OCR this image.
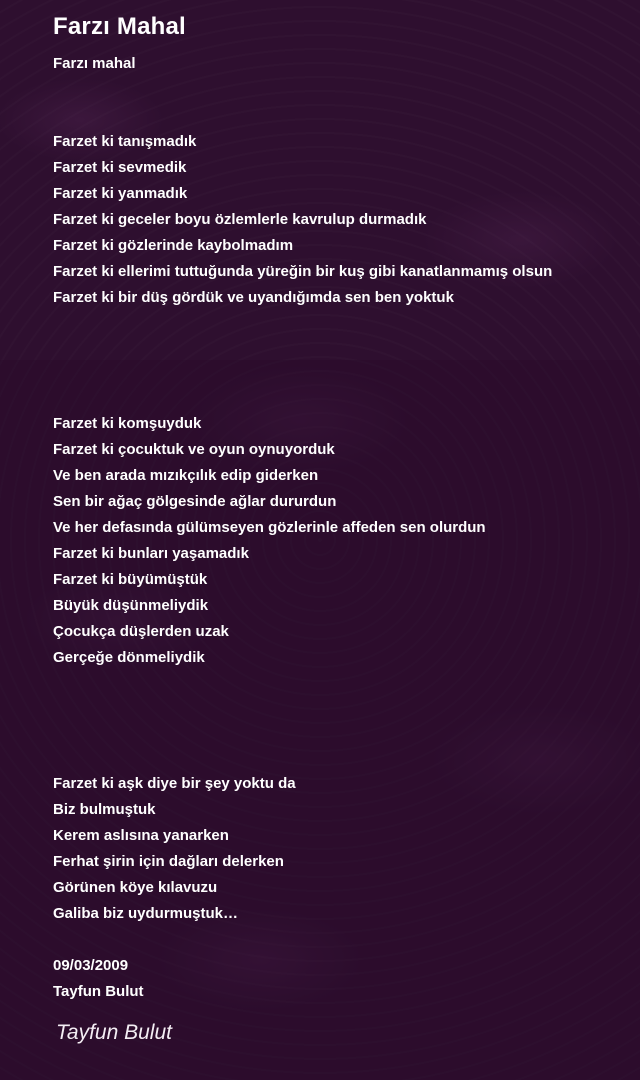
Farzı Mahal
Farzı mahal
Farzet ki tanışmadık
Farzet ki sevmedik
Farzet ki yanmadık
Farzet ki geceler boyu özlemlerle kavrulup durmadık
Farzet ki gözlerinde kaybolmadım
Farzet ki ellerimi tuttuğunda yüreğin bir kuş gibi kanatlanmamış olsun
Farzet ki bir düş gördük ve uyandığımda sen ben yoktuk
Farzet ki komşuyduk
Farzet ki çocuktuk ve oyun oynuyorduk
Ve ben arada mızıkçılık edip giderken
Sen bir ağaç gölgesinde ağlar dururdun
Ve her defasında gülümseyen gözlerinle affeden sen olurdun
Farzet ki bunları yaşamadık
Farzet ki büyümüştük
Büyük düşünmeliydik
Çocukça düşlerden uzak
Gerçeğe dönmeliydik
Farzet ki aşk diye bir şey yoktu da
Biz bulmuştuk
Kerem aslısına yanarken
Ferhat şirin için dağları delerken
Görünen köye kılavuzu
Galiba biz uydurmuştuk…
09/03/2009
Tayfun Bulut
Tayfun Bulut
